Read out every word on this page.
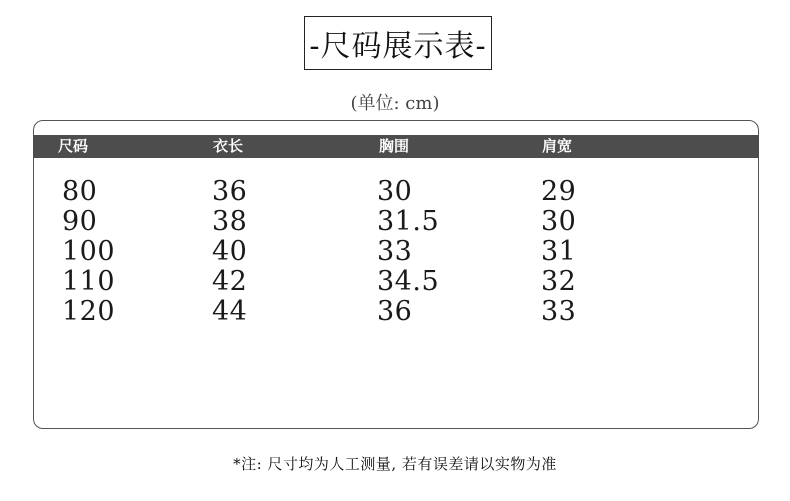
-尺码展示表-
(单位: cm)
尺码	衣长	胸围	肩宽
80	36	30	29
90	38	31.5	30
100	40	33	31
110	42	34.5	32
120	44	36	33
*注: 尺寸均为人工测量, 若有误差请以实物为准
